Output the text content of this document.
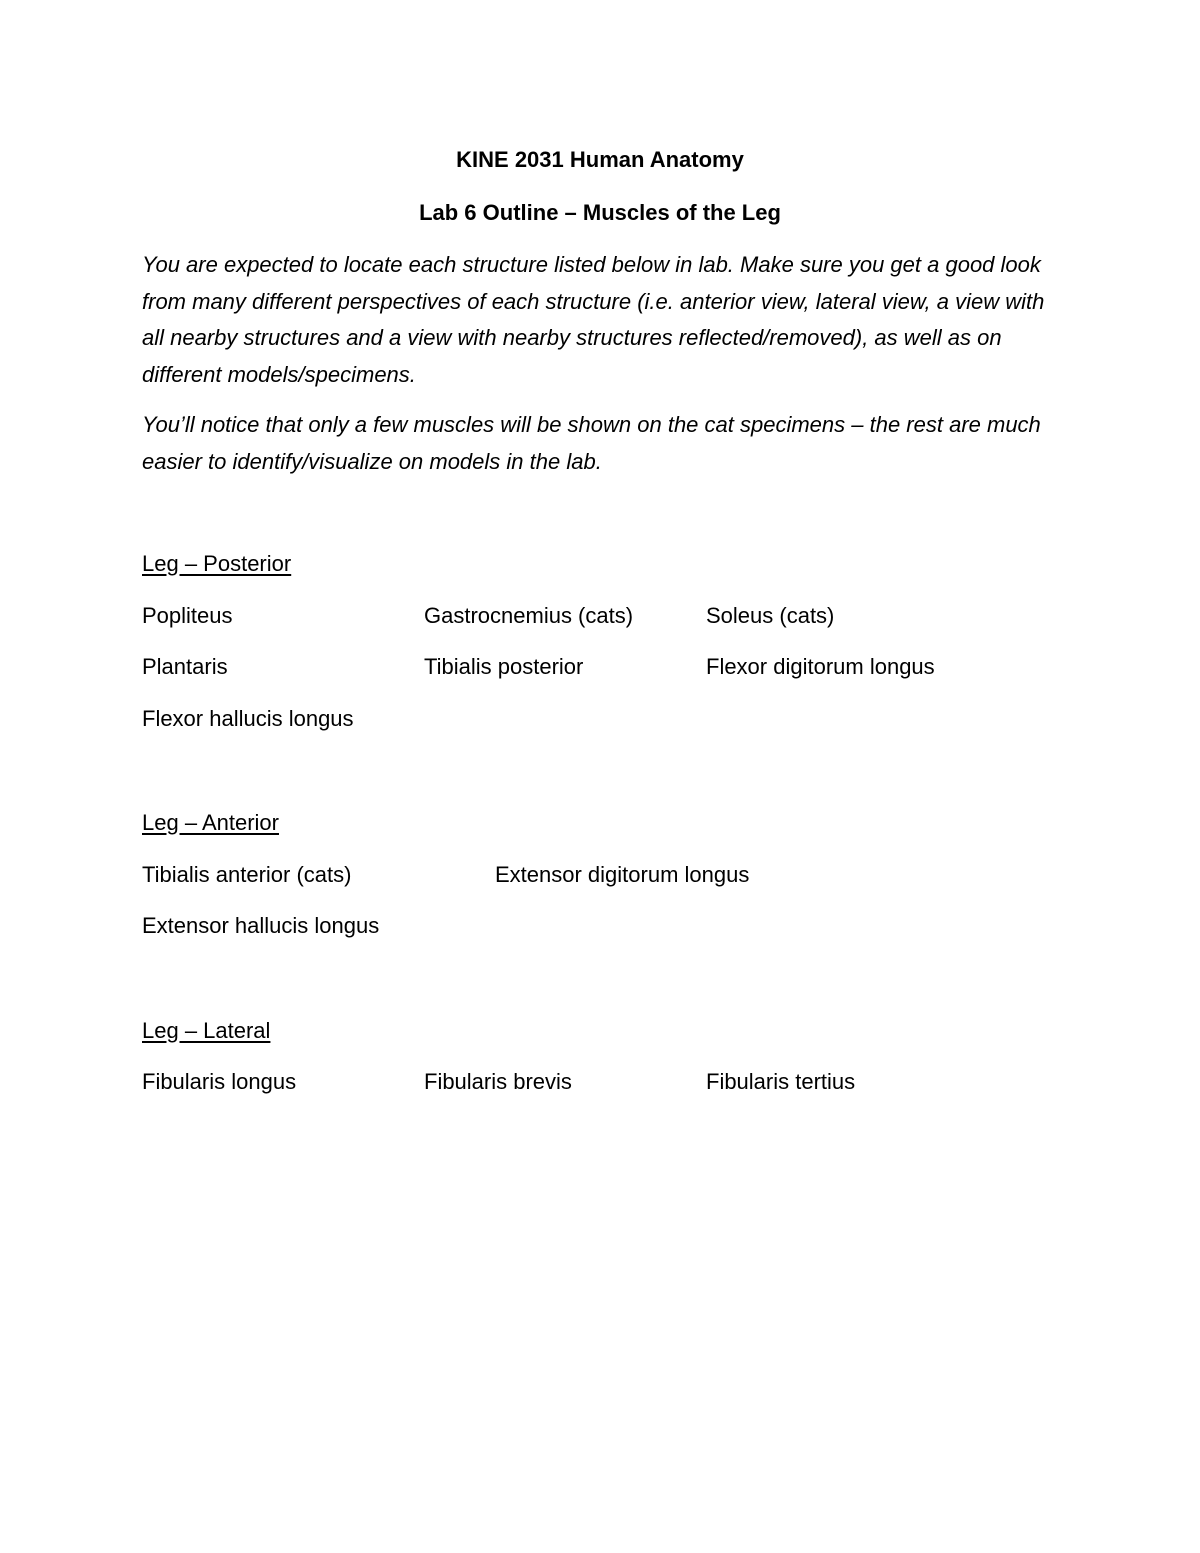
KINE 2031 Human Anatomy
Lab 6 Outline – Muscles of the Leg
You are expected to locate each structure listed below in lab. Make sure you get a good look from many different perspectives of each structure (i.e. anterior view, lateral view, a view with all nearby structures and a view with nearby structures reflected/removed), as well as on different models/specimens.
You’ll notice that only a few muscles will be shown on the cat specimens – the rest are much easier to identify/visualize on models in the lab.
Leg – Posterior
Popliteus	Gastrocnemius (cats)	Soleus (cats)
Plantaris	Tibialis posterior	Flexor digitorum longus
Flexor hallucis longus
Leg – Anterior
Tibialis anterior (cats)	Extensor digitorum longus
Extensor hallucis longus
Leg – Lateral
Fibularis longus	Fibularis brevis	Fibularis tertius
